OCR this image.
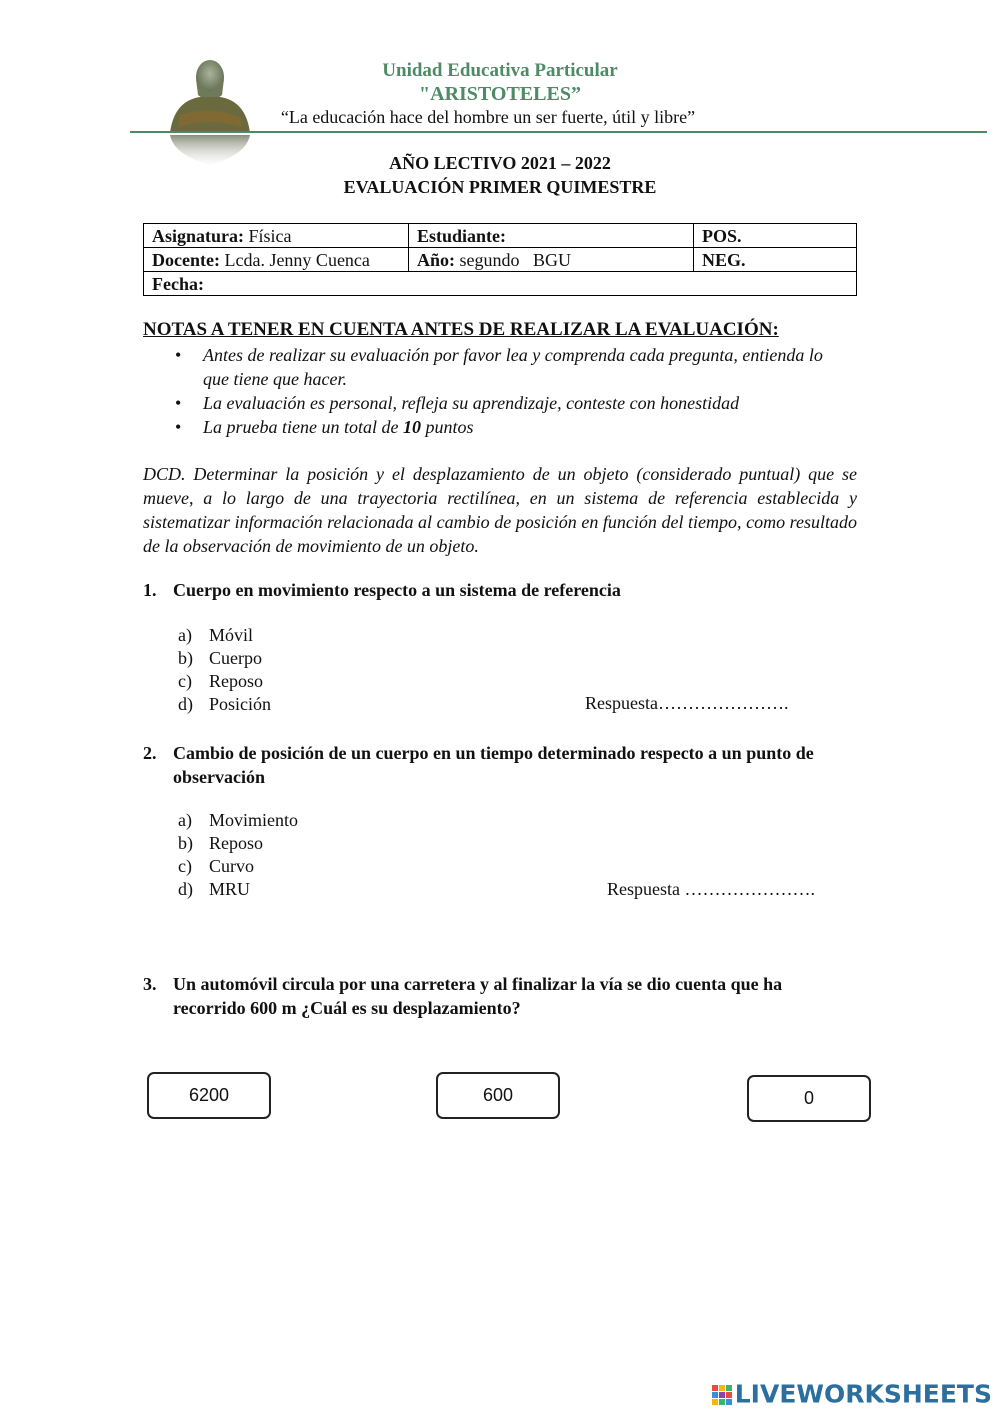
Unidad Educativa Particular
"ARISTOTELES”
“La educación hace del hombre un ser fuerte, útil y libre”
AÑO LECTIVO 2021 – 2022
EVALUACIÓN PRIMER QUIMESTRE
Asignatura: Física	Estudiante:	POS.
Docente: Lcda. Jenny Cuenca	Año: segundo   BGU	NEG.
Fecha:		
NOTAS A TENER EN CUENTA ANTES DE REALIZAR LA EVALUACIÓN:
• Antes de realizar su evaluación por favor lea y comprenda cada pregunta, entienda lo que tiene que hacer.
• La evaluación es personal, refleja su aprendizaje, conteste con honestidad
• La prueba tiene un total de 10 puntos
DCD. Determinar la posición y el desplazamiento de un objeto (considerado puntual) que se mueve, a lo largo de una trayectoria rectilínea, en un sistema de referencia establecida y sistematizar información relacionada al cambio de posición en función del tiempo, como resultado de la observación de movimiento de un objeto.
1. Cuerpo en movimiento respecto a un sistema de referencia
a) Móvil
b) Cuerpo
c) Reposo
d) Posición	Respuesta………………….
2. Cambio de posición de un cuerpo en un tiempo determinado respecto a un punto de observación
a) Movimiento
b) Reposo
c) Curvo
d) MRU	Respuesta ………………….
3. Un automóvil circula por una carretera y al finalizar la vía se dio cuenta que ha recorrido 600 m ¿Cuál es su desplazamiento?
6200	600	0
LIVEWORKSHEETS
